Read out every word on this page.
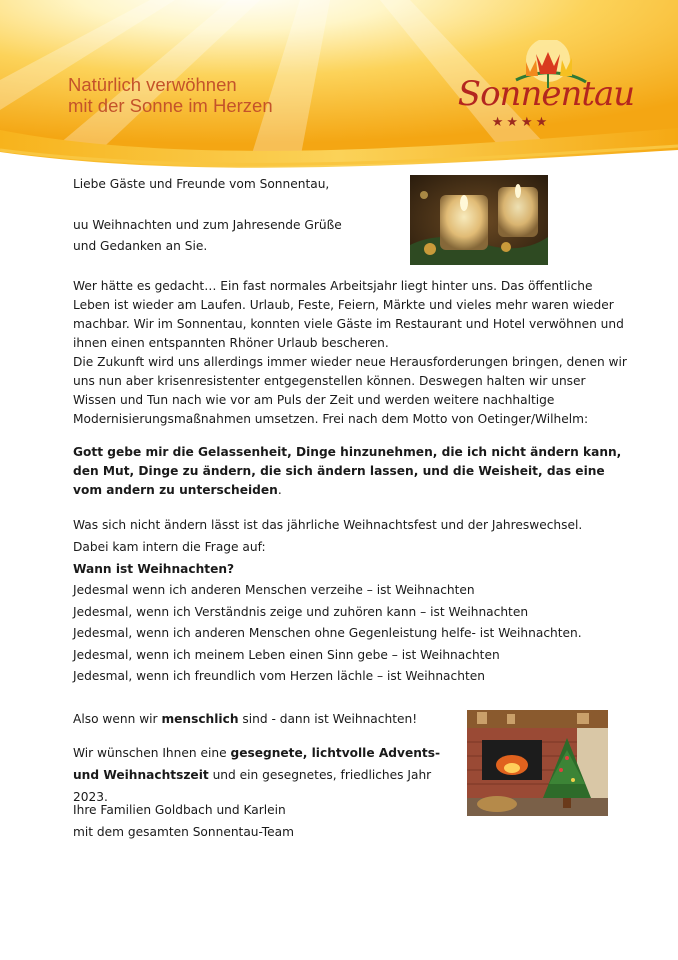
Natürlich verwöhnen
mit der Sonne im Herzen	Sonnentau
★★★★

Liebe Gäste und Freunde vom Sonnentau,

uu Weihnachten und zum Jahresende Grüße

und Gedanken an Sie.

Wer hätte es gedacht… Ein fast normales Arbeitsjahr liegt hinter uns. Das öffentliche Leben ist wieder am Laufen. Urlaub, Feste, Feiern, Märkte und vieles mehr waren wieder machbar. Wir im Sonnentau, konnten viele Gäste im Restaurant und Hotel verwöhnen und ihnen einen entspannten Rhöner Urlaub bescheren.

Die Zukunft wird uns allerdings immer wieder neue Herausforderungen bringen, denen wir uns nun aber krisenresistenter entgegenstellen können. Deswegen halten wir unser Wissen und Tun nach wie vor am Puls der Zeit und werden weitere nachhaltige Modernisierungsmaßnahmen umsetzen. Frei nach dem Motto von Oetinger/Wilhelm:

Gott gebe mir die Gelassenheit, Dinge hinzunehmen, die ich nicht ändern kann, den Mut, Dinge zu ändern, die sich ändern lassen, und die Weisheit, das eine vom andern zu unterscheiden.

Was sich nicht ändern lässt ist das jährliche Weihnachtsfest und der Jahreswechsel.

Dabei kam intern die Frage auf:

Wann ist Weihnachten?

Jedesmal wenn ich anderen Menschen verzeihe – ist Weihnachten

Jedesmal, wenn ich Verständnis zeige und zuhören kann – ist Weihnachten

Jedesmal, wenn ich anderen Menschen ohne Gegenleistung helfe- ist Weihnachten.

Jedesmal, wenn ich meinem Leben einen Sinn gebe – ist Weihnachten

Jedesmal, wenn ich freundlich vom Herzen lächle – ist Weihnachten

Also wenn wir menschlich sind - dann ist Weihnachten!

Wir wünschen Ihnen eine gesegnete, lichtvolle Advents- und Weihnachtszeit und ein gesegnetes, friedliches Jahr 2023.

Ihre Familien Goldbach und Karlein

mit dem gesamten Sonnentau-Team
